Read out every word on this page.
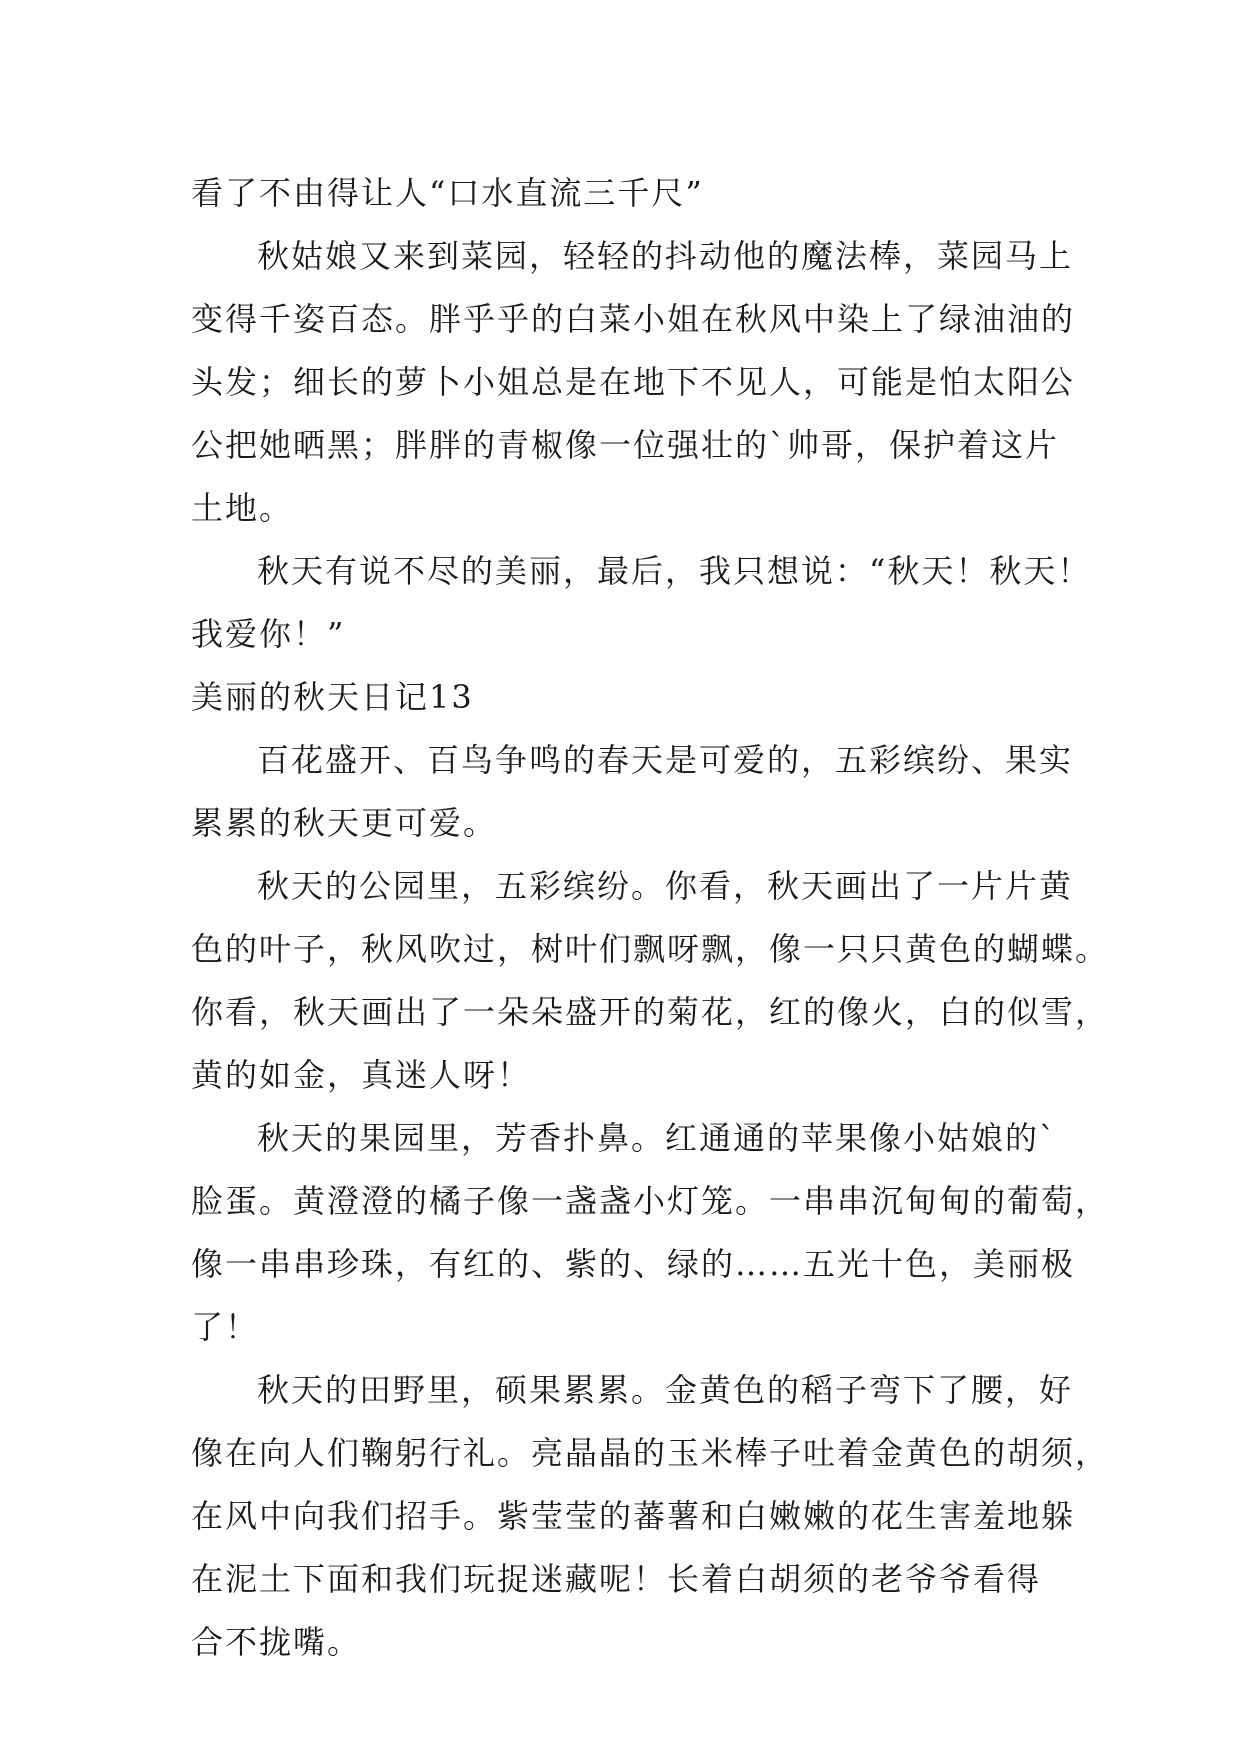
看了不由得让人“口水直流三千尺”

秋姑娘又来到菜园，轻轻的抖动他的魔法棒，菜园马上

变得千姿百态。胖乎乎的白菜小姐在秋风中染上了绿油油的

头发；细长的萝卜小姐总是在地下不见人，可能是怕太阳公

公把她晒黑；胖胖的青椒像一位强壮的`帅哥，保护着这片

土地。

秋天有说不尽的美丽，最后，我只想说：“秋天！秋天！

我爱你！”

美丽的秋天日记13

百花盛开、百鸟争鸣的春天是可爱的，五彩缤纷、果实

累累的秋天更可爱。

秋天的公园里，五彩缤纷。你看，秋天画出了一片片黄

色的叶子，秋风吹过，树叶们飘呀飘，像一只只黄色的蝴蝶。

你看，秋天画出了一朵朵盛开的菊花，红的像火，白的似雪，

黄的如金，真迷人呀！

秋天的果园里，芳香扑鼻。红通通的苹果像小姑娘的`

脸蛋。黄澄澄的橘子像一盏盏小灯笼。一串串沉甸甸的葡萄，

像一串串珍珠，有红的、紫的、绿的……五光十色，美丽极

了！

秋天的田野里，硕果累累。金黄色的稻子弯下了腰，好

像在向人们鞠躬行礼。亮晶晶的玉米棒子吐着金黄色的胡须，

在风中向我们招手。紫莹莹的蕃薯和白嫩嫩的花生害羞地躲

在泥土下面和我们玩捉迷藏呢！长着白胡须的老爷爷看得

合不拢嘴。
